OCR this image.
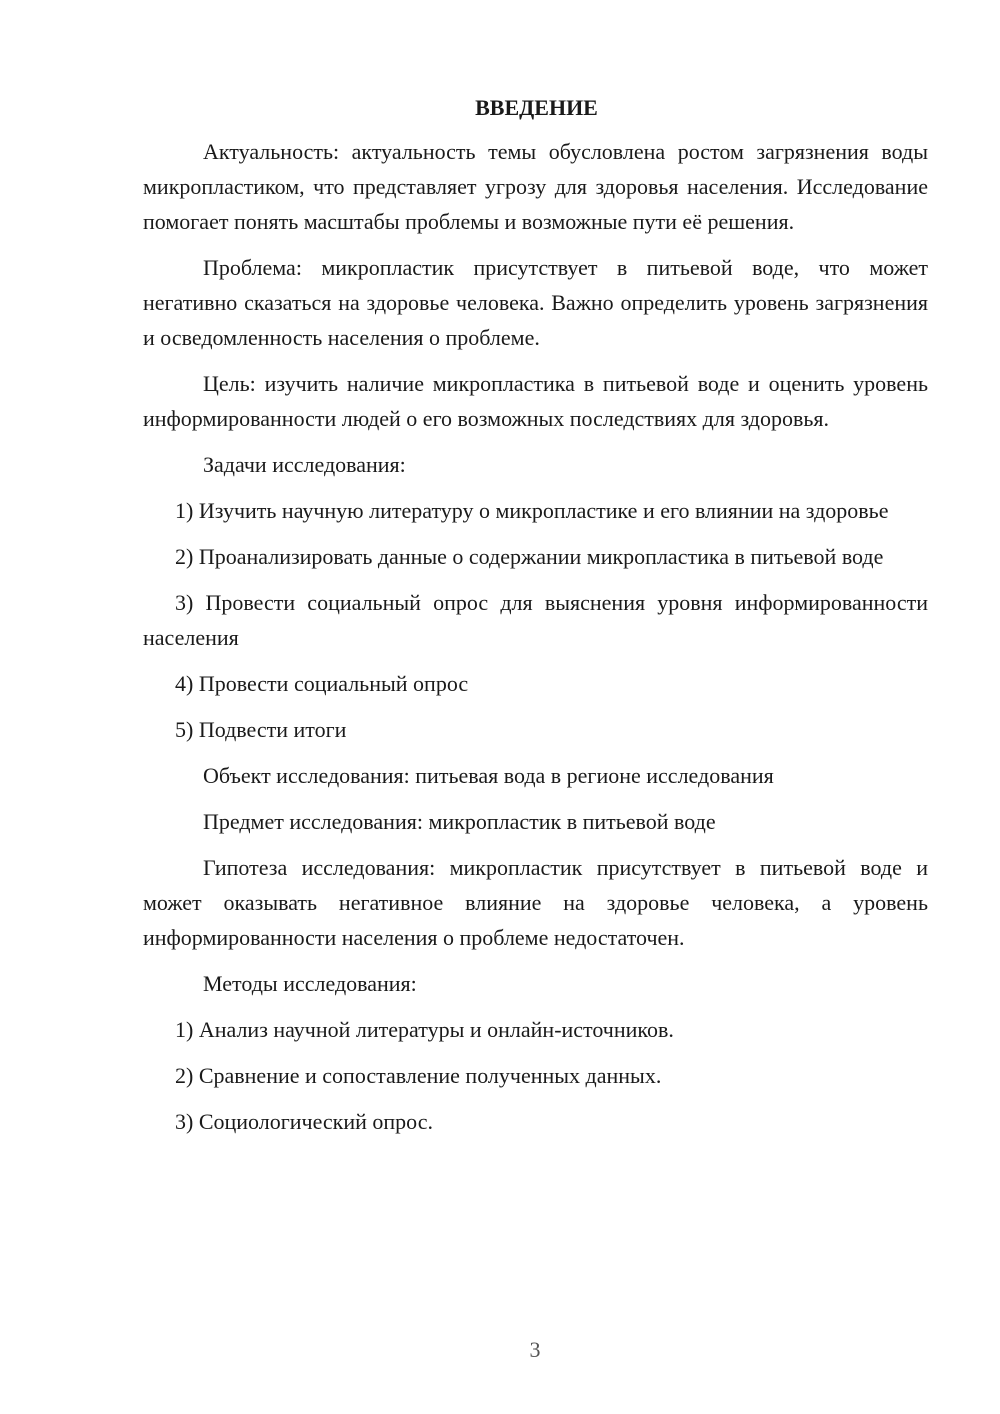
ВВЕДЕНИЕ
Актуальность: актуальность темы обусловлена ростом загрязнения воды микропластиком, что представляет угрозу для здоровья населения. Исследование помогает понять масштабы проблемы и возможные пути её решения.
Проблема: микропластик присутствует в питьевой воде, что может негативно сказаться на здоровье человека. Важно определить уровень загрязнения и осведомленность населения о проблеме.
Цель: изучить наличие микропластика в питьевой воде и оценить уровень информированности людей о его возможных последствиях для здоровья.
Задачи исследования:
1) Изучить научную литературу о микропластике и его влиянии на здоровье
2) Проанализировать данные о содержании микропластика в питьевой воде
3) Провести социальный опрос для выяснения уровня информированности населения
4) Провести социальный опрос
5) Подвести итоги
Объект исследования: питьевая вода в регионе исследования
Предмет исследования: микропластик в питьевой воде
Гипотеза исследования: микропластик присутствует в питьевой воде и может оказывать негативное влияние на здоровье человека, а уровень информированности населения о проблеме недостаточен.
Методы исследования:
1) Анализ научной литературы и онлайн-источников.
2) Сравнение и сопоставление полученных данных.
3) Социологический опрос.
3
